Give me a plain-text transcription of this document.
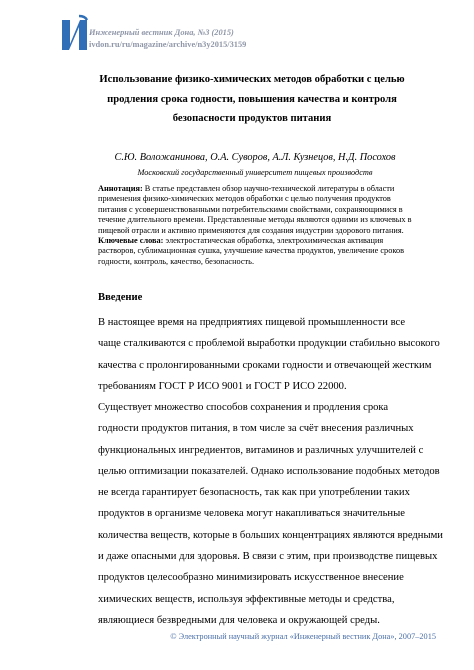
Инженерный вестник Дона, №3 (2015)
ivdon.ru/ru/magazine/archive/n3y2015/3159
Использование физико-химических методов обработки с целью
продления срока годности, повышения качества и контроля
безопасности продуктов питания
С.Ю. Воложанинова, О.А. Суворов, А.Л. Кузнецов, Н.Д. Посохов
Московский государственный университет пищевых производств
Аннотация: В статье представлен обзор научно-технической литературы в области
применения физико-химических методов обработки с целью получения продуктов
питания с усовершенствованными потребительскими свойствами, сохраняющимися в
течение длительного времени. Представленные методы являются одними из ключевых в
пищевой отрасли и активно применяются для создания индустрии здорового питания.
Ключевые слова: электростатическая обработка, электрохимическая активация
растворов, сублимационная сушка, улучшение качества продуктов, увеличение сроков
годности, контроль, качество, безопасность.
Введение
В настоящее время на предприятиях пищевой промышленности все
чаще сталкиваются с проблемой выработки продукции стабильно высокого
качества с пролонгированными сроками годности и отвечающей жестким
требованиям ГОСТ Р ИСО 9001 и ГОСТ Р ИСО 22000.
Существует множество способов сохранения и продления срока
годности продуктов питания, в том числе за счёт внесения различных
функциональных ингредиентов, витаминов и различных улучшителей с
целью оптимизации показателей. Однако использование подобных методов
не всегда гарантирует безопасность, так как при употреблении таких
продуктов в организме человека могут накапливаться значительные
количества веществ, которые в больших концентрациях являются вредными
и даже опасными для здоровья. В связи с этим, при производстве пищевых
продуктов целесообразно минимизировать искусственное внесение
химических веществ, используя эффективные методы и средства,
являющиеся безвредными для человека и окружающей среды.
© Электронный научный журнал «Инженерный вестник Дона», 2007–2015
